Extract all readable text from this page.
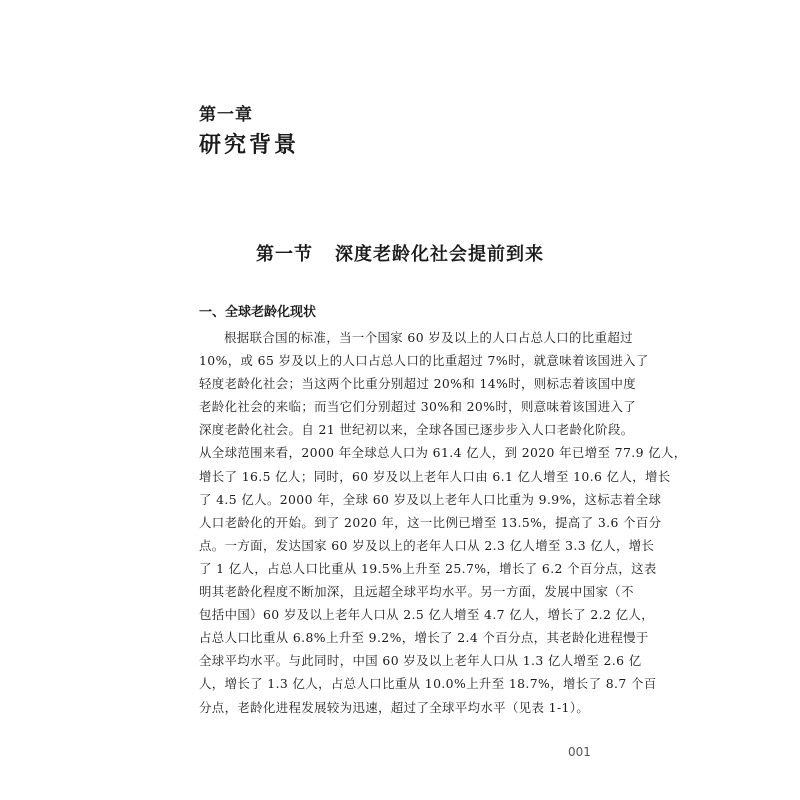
第一章
研究背景
第一节 深度老龄化社会提前到来
一、全球老龄化现状
根据联合国的标准，当一个国家 60 岁及以上的人口占总人口的比重超过
10%，或 65 岁及以上的人口占总人口的比重超过 7%时，就意味着该国进入了
轻度老龄化社会；当这两个比重分别超过 20%和 14%时，则标志着该国中度
老龄化社会的来临；而当它们分别超过 30%和 20%时，则意味着该国进入了
深度老龄化社会。自 21 世纪初以来，全球各国已逐步步入人口老龄化阶段。
从全球范围来看，2000 年全球总人口为 61.4 亿人，到 2020 年已增至 77.9 亿人，
增长了 16.5 亿人；同时，60 岁及以上老年人口由 6.1 亿人增至 10.6 亿人，增长
了 4.5 亿人。2000 年，全球 60 岁及以上老年人口比重为 9.9%，这标志着全球
人口老龄化的开始。到了 2020 年，这一比例已增至 13.5%，提高了 3.6 个百分
点。一方面，发达国家 60 岁及以上的老年人口从 2.3 亿人增至 3.3 亿人，增长
了 1 亿人，占总人口比重从 19.5%上升至 25.7%，增长了 6.2 个百分点，这表
明其老龄化程度不断加深，且远超全球平均水平。另一方面，发展中国家（不
包括中国）60 岁及以上老年人口从 2.5 亿人增至 4.7 亿人，增长了 2.2 亿人，
占总人口比重从 6.8%上升至 9.2%，增长了 2.4 个百分点，其老龄化进程慢于
全球平均水平。与此同时，中国 60 岁及以上老年人口从 1.3 亿人增至 2.6 亿
人，增长了 1.3 亿人，占总人口比重从 10.0%上升至 18.7%，增长了 8.7 个百
分点，老龄化进程发展较为迅速，超过了全球平均水平（见表 1-1）。
001
